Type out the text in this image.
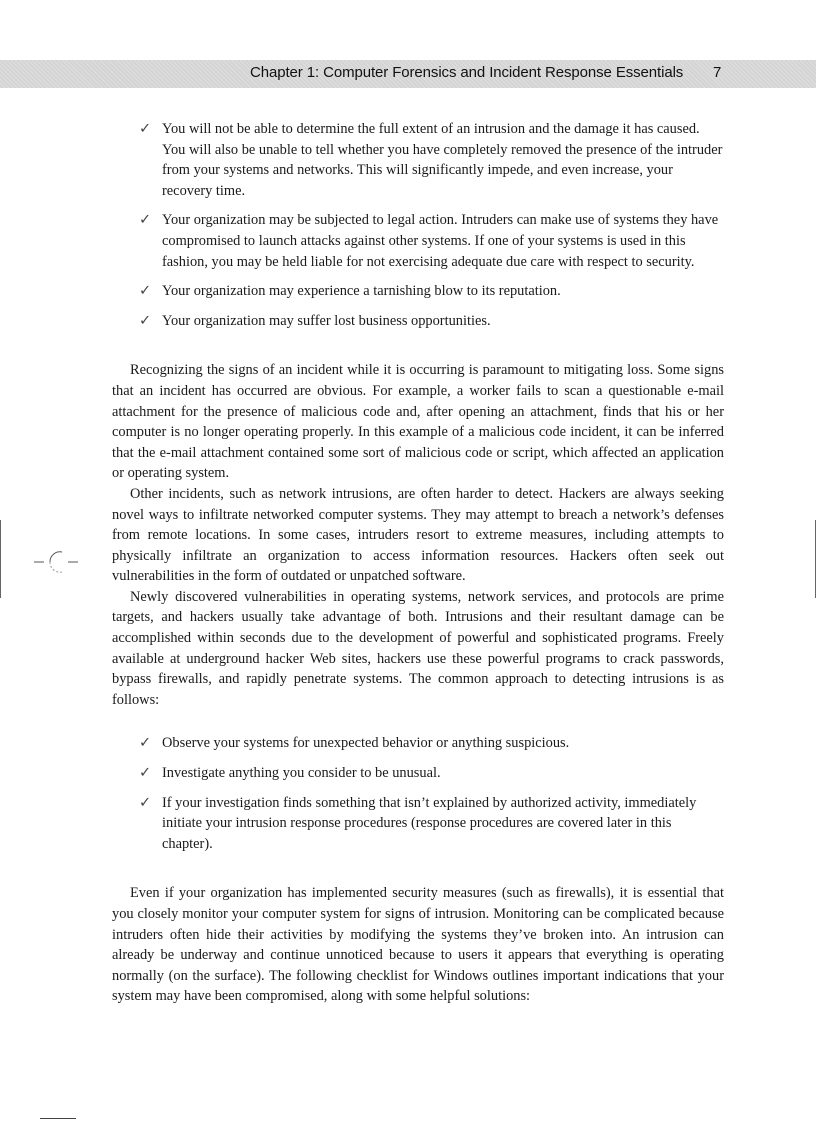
Chapter 1: Computer Forensics and Incident Response Essentials 7
✓ You will not be able to determine the full extent of an intrusion and the damage it has caused. You will also be unable to tell whether you have completely removed the presence of the intruder from your systems and networks. This will significantly impede, and even increase, your recovery time.
✓ Your organization may be subjected to legal action. Intruders can make use of systems they have compromised to launch attacks against other systems. If one of your systems is used in this fashion, you may be held liable for not exercising adequate due care with respect to security.
✓ Your organization may experience a tarnishing blow to its reputation.
✓ Your organization may suffer lost business opportunities.

Recognizing the signs of an incident while it is occurring is paramount to mitigating loss. Some signs that an incident has occurred are obvious. For example, a worker fails to scan a questionable e-mail attachment for the presence of malicious code and, after opening an attachment, finds that his or her computer is no longer operating properly. In this example of a malicious code incident, it can be inferred that the e-mail attachment contained some sort of malicious code or script, which affected an application or operating system.

Other incidents, such as network intrusions, are often harder to detect. Hackers are always seeking novel ways to infiltrate networked computer systems. They may attempt to breach a network’s defenses from remote locations. In some cases, intruders resort to extreme measures, including attempts to physically infiltrate an organization to access information resources. Hackers often seek out vulnerabilities in the form of outdated or unpatched software.

Newly discovered vulnerabilities in operating systems, network services, and protocols are prime targets, and hackers usually take advantage of both. Intrusions and their resultant damage can be accomplished within seconds due to the development of powerful and sophisticated programs. Freely available at underground hacker Web sites, hackers use these powerful programs to crack passwords, bypass firewalls, and rapidly penetrate systems. The common approach to detecting intrusions is as follows:

✓ Observe your systems for unexpected behavior or anything suspicious.
✓ Investigate anything you consider to be unusual.
✓ If your investigation finds something that isn’t explained by authorized activity, immediately initiate your intrusion response procedures (response procedures are covered later in this chapter).

Even if your organization has implemented security measures (such as firewalls), it is essential that you closely monitor your computer system for signs of intrusion. Monitoring can be complicated because intruders often hide their activities by modifying the systems they’ve broken into. An intrusion can already be underway and continue unnoticed because to users it appears that everything is operating normally (on the surface). The following checklist for Windows outlines important indications that your system may have been compromised, along with some helpful solutions:
